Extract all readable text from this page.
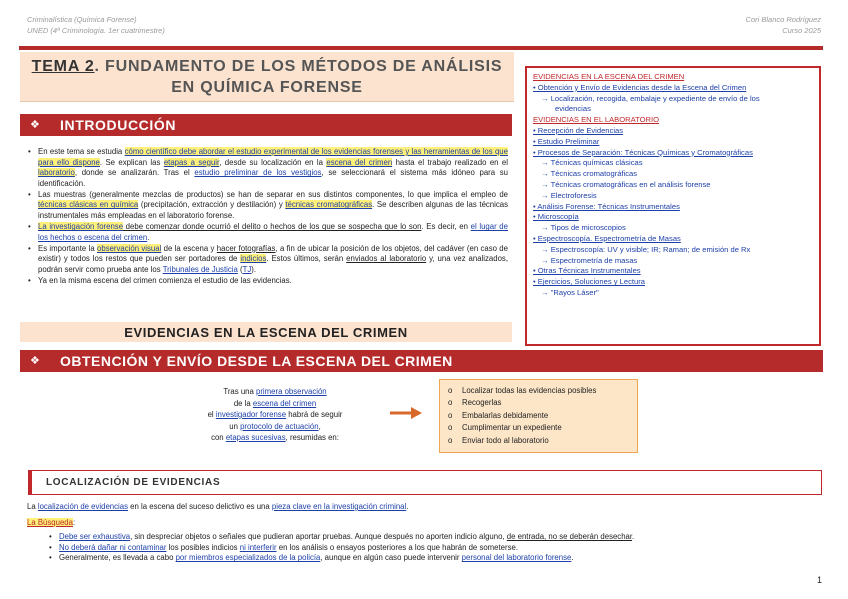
Criminalística (Química Forense)
UNED (4ª Criminología. 1er cuatrimestre)
Cori Blanco Rodríguez
Curso 2025
TEMA 2. FUNDAMENTO DE LOS MÉTODOS DE ANÁLISIS
EN QUÍMICA FORENSE
EVIDENCIAS EN LA ESCENA DEL CRIMEN
• Obtención y Envío de Evidencias desde la Escena del Crimen
→ Localización, recogida, embalaje y expediente de envío de los
evidencias
EVIDENCIAS EN EL LABORATORIO
• Recepción de Evidencias
• Estudio Preliminar
• Procesos de Separación: Técnicas Químicas y Cromatográficas
→ Técnicas químicas clásicas
→ Técnicas cromatográficas
→ Técnicas cromatográficas en el análisis forense
→ Electroforesis
• Análisis Forense: Técnicas Instrumentales
• Microscopía
→ Tipos de microscopios
• Espectroscopía. Espectrometría de Masas
→ Espectroscopía: UV y visible; IR; Raman; de emisión de Rx
→ Espectrometría de masas
• Otras Técnicas Instrumentales
• Ejercicios, Soluciones y Lectura
→ "Rayos Láser"
❖ INTRODUCCIÓN
• En este tema se estudia cómo científico debe abordar el estudio experimental de los evidencias forenses y las herramientas de los que para ello dispone. Se explican las etapas a seguir, desde su localización en la escena del crimen hasta el trabajo realizado en el laboratorio, donde se analizarán. Tras el estudio preliminar de los vestigios, se seleccionará el sistema más idóneo para su identificación.
• Las muestras (generalmente mezclas de productos) se han de separar en sus distintos componentes, lo que implica el empleo de técnicas clásicas en química (precipitación, extracción y destilación) y técnicas cromatográficas. Se describen algunas de las técnicas instrumentales más empleadas en el laboratorio forense.
• La investigación forense debe comenzar donde ocurrió el delito o hechos de los que se sospecha que lo son. Es decir, en el lugar de los hechos o escena del crimen.
• Es importante la observación visual de la escena y hacer fotografías, a fin de ubicar la posición de los objetos, del cadáver (en caso de existir) y todos los restos que pueden ser portadores de indicios. Estos últimos, serán enviados al laboratorio y, una vez analizados, podrán servir como prueba ante los Tribunales de Justicia (TJ).
• Ya en la misma escena del crimen comienza el estudio de las evidencias.
EVIDENCIAS EN LA ESCENA DEL CRIMEN
❖ OBTENCIÓN Y ENVÍO DESDE LA ESCENA DEL CRIMEN
Tras una primera observación
de la escena del crimen
el investigador forense habrá de seguir
un protocolo de actuación,
con etapas sucesivas, resumidas en:
o Localizar todas las evidencias posibles
o Recogerlas
o Embalarlas debidamente
o Cumplimentar un expediente
o Enviar todo al laboratorio
LOCALIZACIÓN DE EVIDENCIAS
La localización de evidencias en la escena del suceso delictivo es una pieza clave en la investigación criminal.
La Búsqueda:
• Debe ser exhaustiva, sin despreciar objetos o señales que pudieran aportar pruebas. Aunque después no aporten indicio alguno, de entrada, no se deberán desechar.
• No deberá dañar ni contaminar los posibles indicios ni interferir en los análisis o ensayos posteriores a los que habrán de someterse.
• Generalmente, es llevada a cabo por miembros especializados de la policía, aunque en algún caso puede intervenir personal del laboratorio forense.
1
